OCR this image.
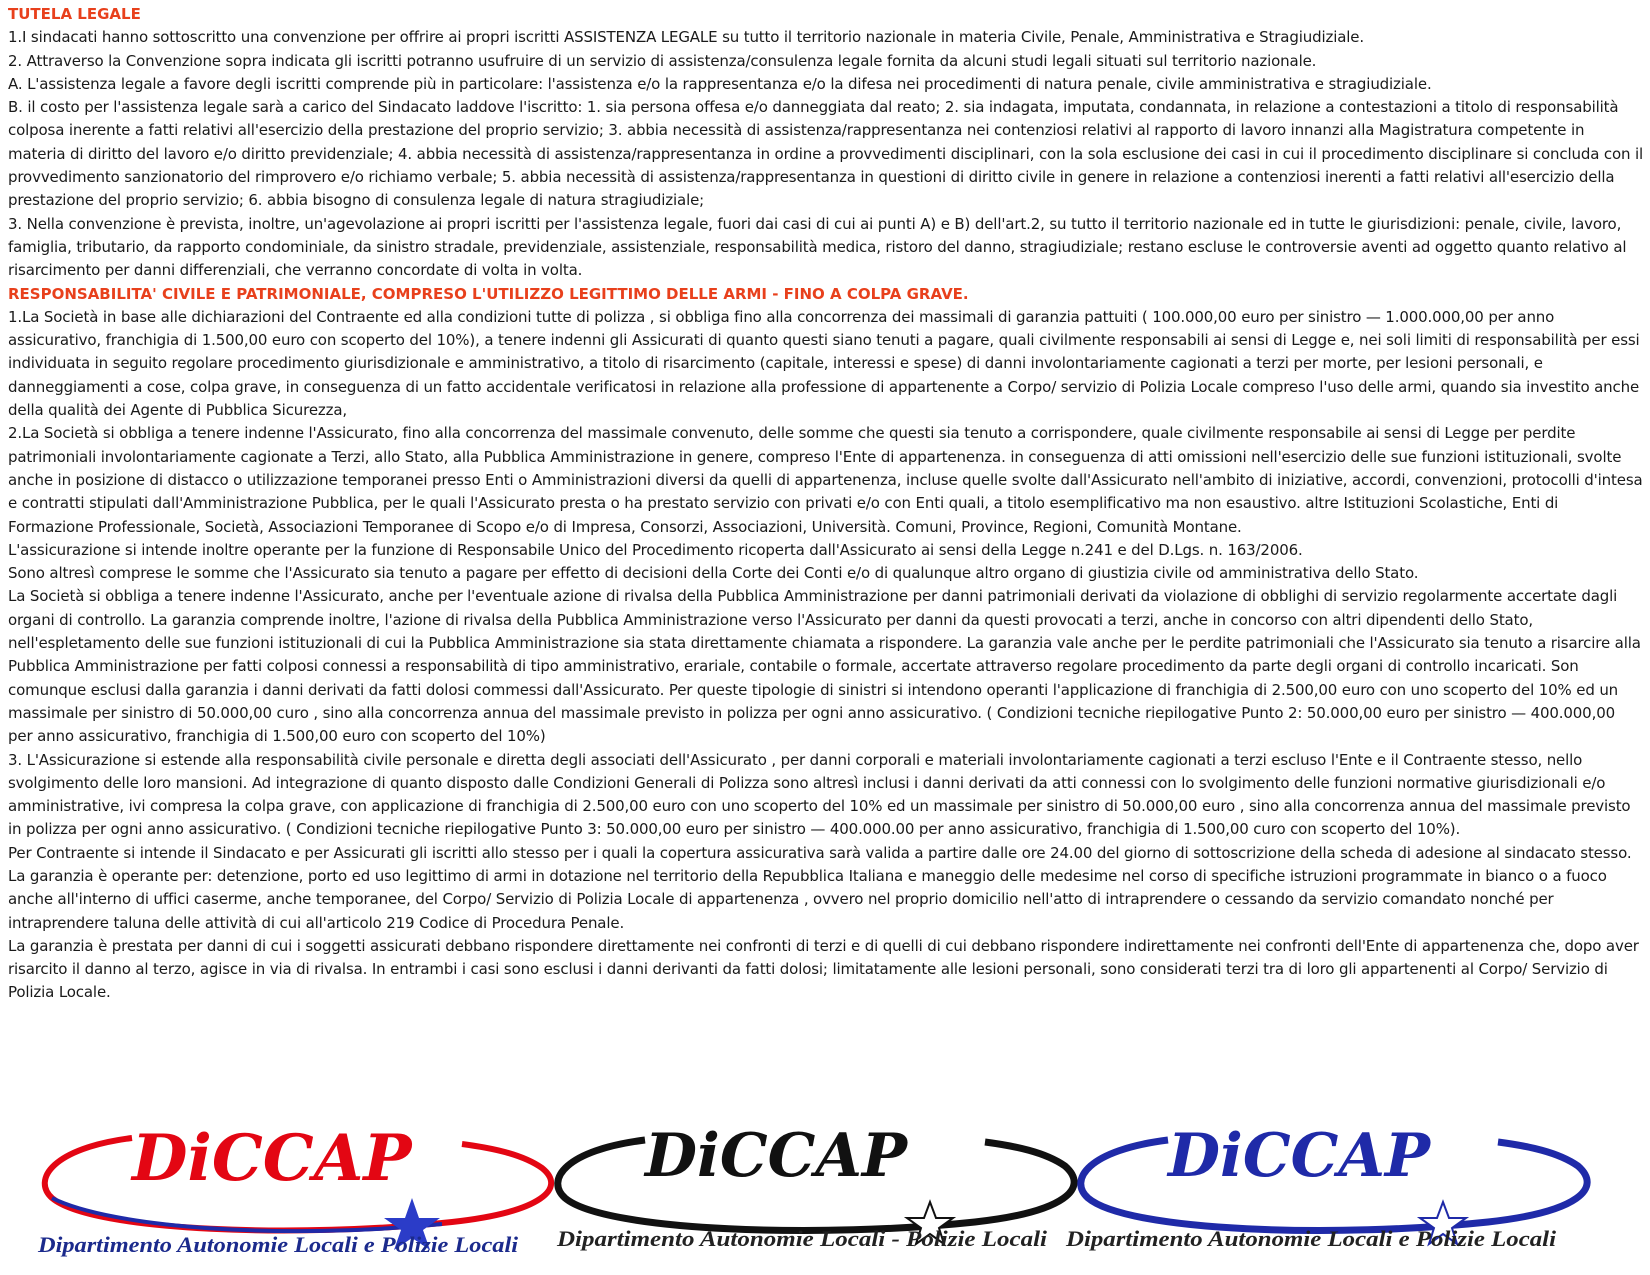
TUTELA LEGALE

1.I sindacati hanno sottoscritto una convenzione per offrire ai propri iscritti ASSISTENZA LEGALE su tutto il territorio nazionale in materia Civile, Penale, Amministrativa e Stragiudiziale.

2. Attraverso la Convenzione sopra indicata gli iscritti potranno usufruire di un servizio di assistenza/consulenza legale fornita da alcuni studi legali situati sul territorio nazionale.

A. L'assistenza legale a favore degli iscritti comprende più in particolare: l'assistenza e/o la rappresentanza e/o la difesa nei procedimenti di natura penale, civile amministrativa e stragiudiziale.

B. il costo per l'assistenza legale sarà a carico del Sindacato laddove l'iscritto: 1. sia persona offesa e/o danneggiata dal reato; 2. sia indagata, imputata, condannata, in relazione a contestazioni a titolo di responsabilità colposa inerente a fatti relativi all'esercizio della prestazione del proprio servizio; 3. abbia necessità di assistenza/rappresentanza nei contenziosi relativi al rapporto di lavoro innanzi alla Magistratura competente in materia di diritto del lavoro e/o diritto previdenziale; 4. abbia necessità di assistenza/rappresentanza in ordine a provvedimenti disciplinari, con la sola esclusione dei casi in cui il procedimento disciplinare si concluda con il provvedimento sanzionatorio del rimprovero e/o richiamo verbale; 5. abbia necessità di assistenza/rappresentanza in questioni di diritto civile in genere in relazione a contenziosi inerenti a fatti relativi all'esercizio della prestazione del proprio servizio; 6. abbia bisogno di consulenza legale di natura stragiudiziale;

3. Nella convenzione è prevista, inoltre, un'agevolazione ai propri iscritti per l'assistenza legale, fuori dai casi di cui ai punti A) e B) dell'art.2, su tutto il territorio nazionale ed in tutte le giurisdizioni: penale, civile, lavoro, famiglia, tributario, da rapporto condominiale, da sinistro stradale, previdenziale, assistenziale, responsabilità medica, ristoro del danno, stragiudiziale; restano escluse le controversie aventi ad oggetto quanto relativo al risarcimento per danni differenziali, che verranno concordate di volta in volta.

RESPONSABILITA' CIVILE E PATRIMONIALE, COMPRESO L'UTILIZZO LEGITTIMO DELLE ARMI - FINO A COLPA GRAVE.

1.La Società in base alle dichiarazioni del Contraente ed alla condizioni tutte di polizza , si obbliga fino alla concorrenza dei massimali di garanzia pattuiti ( 100.000,00 euro per sinistro — 1.000.000,00 per anno assicurativo, franchigia di 1.500,00 euro con scoperto del 10%), a tenere indenni gli Assicurati di quanto questi siano tenuti a pagare, quali civilmente responsabili ai sensi di Legge e, nei soli limiti di responsabilità per essi individuata in seguito regolare procedimento giurisdizionale e amministrativo, a titolo di risarcimento (capitale, interessi e spese) di danni involontariamente cagionati a terzi per morte, per lesioni personali, e danneggiamenti a cose, colpa grave, in conseguenza di un fatto accidentale verificatosi in relazione alla professione di appartenente a Corpo/ servizio di Polizia Locale compreso l'uso delle armi, quando sia investito anche della qualità dei Agente di Pubblica Sicurezza,

2.La Società si obbliga a tenere indenne l'Assicurato, fino alla concorrenza del massimale convenuto, delle somme che questi sia tenuto a corrispondere, quale civilmente responsabile ai sensi di Legge per perdite patrimoniali involontariamente cagionate a Terzi, allo Stato, alla Pubblica Amministrazione in genere, compreso l'Ente di appartenenza. in conseguenza di atti omissioni nell'esercizio delle sue funzioni istituzionali, svolte anche in posizione di distacco o utilizzazione temporanei presso Enti o Amministrazioni diversi da quelli di appartenenza, incluse quelle svolte dall'Assicurato nell'ambito di iniziative, accordi, convenzioni, protocolli d'intesa e contratti stipulati dall'Amministrazione Pubblica, per le quali l'Assicurato presta o ha prestato servizio con privati e/o con Enti quali, a titolo esemplificativo ma non esaustivo. altre Istituzioni Scolastiche, Enti di Formazione Professionale, Società, Associazioni Temporanee di Scopo e/o di Impresa, Consorzi, Associazioni, Università. Comuni, Province, Regioni, Comunità Montane.

L'assicurazione si intende inoltre operante per la funzione di Responsabile Unico del Procedimento ricoperta dall'Assicurato ai sensi della Legge n.241 e del D.Lgs. n. 163/2006.

Sono altresì comprese le somme che l'Assicurato sia tenuto a pagare per effetto di decisioni della Corte dei Conti e/o di qualunque altro organo di giustizia civile od amministrativa dello Stato.

La Società si obbliga a tenere indenne l'Assicurato, anche per l'eventuale azione di rivalsa della Pubblica Amministrazione per danni patrimoniali derivati da violazione di obblighi di servizio regolarmente accertate dagli organi di controllo. La garanzia comprende inoltre, l'azione di rivalsa della Pubblica Amministrazione verso l'Assicurato per danni da questi provocati a terzi, anche in concorso con altri dipendenti dello Stato, nell'espletamento delle sue funzioni istituzionali di cui la Pubblica Amministrazione sia stata direttamente chiamata a rispondere. La garanzia vale anche per le perdite patrimoniali che l'Assicurato sia tenuto a risarcire alla Pubblica Amministrazione per fatti colposi connessi a responsabilità di tipo amministrativo, erariale, contabile o formale, accertate attraverso regolare procedimento da parte degli organi di controllo incaricati. Son comunque esclusi dalla garanzia i danni derivati da fatti dolosi commessi dall'Assicurato. Per queste tipologie di sinistri si intendono operanti l'applicazione di franchigia di 2.500,00 euro con uno scoperto del 10% ed un massimale per sinistro di 50.000,00 curo , sino alla concorrenza annua del massimale previsto in polizza per ogni anno assicurativo. ( Condizioni tecniche riepilogative Punto 2: 50.000,00 euro per sinistro — 400.000,00 per anno assicurativo, franchigia di 1.500,00 euro con scoperto del 10%)

3. L'Assicurazione si estende alla responsabilità civile personale e diretta degli associati dell'Assicurato , per danni corporali e materiali involontariamente cagionati a terzi escluso l'Ente e il Contraente stesso, nello svolgimento delle loro mansioni. Ad integrazione di quanto disposto dalle Condizioni Generali di Polizza sono altresì inclusi i danni derivati da atti connessi con lo svolgimento delle funzioni normative giurisdizionali e/o amministrative, ivi compresa la colpa grave, con applicazione di franchigia di 2.500,00 euro con uno scoperto del 10% ed un massimale per sinistro di 50.000,00 euro , sino alla concorrenza annua del massimale previsto in polizza per ogni anno assicurativo. ( Condizioni tecniche riepilogative Punto 3: 50.000,00 euro per sinistro — 400.000.00 per anno assicurativo, franchigia di 1.500,00 curo con scoperto del 10%).

Per Contraente si intende il Sindacato e per Assicurati gli iscritti allo stesso per i quali la copertura assicurativa sarà valida a partire dalle ore 24.00 del giorno di sottoscrizione della scheda di adesione al sindacato stesso.

La garanzia è operante per: detenzione, porto ed uso legittimo di armi in dotazione nel territorio della Repubblica Italiana e maneggio delle medesime nel corso di specifiche istruzioni programmate in bianco o a fuoco anche all'interno di uffici caserme, anche temporanee, del Corpo/ Servizio di Polizia Locale di appartenenza , ovvero nel proprio domicilio nell'atto di intraprendere o cessando da servizio comandato nonché per intraprendere taluna delle attività di cui all'articolo 219 Codice di Procedura Penale.

La garanzia è prestata per danni di cui i soggetti assicurati debbano rispondere direttamente nei confronti di terzi e di quelli di cui debbano rispondere indirettamente nei confronti dell'Ente di appartenenza che, dopo aver risarcito il danno al terzo, agisce in via di rivalsa. In entrambi i casi sono esclusi i danni derivanti da fatti dolosi; limitatamente alle lesioni personali, sono considerati terzi tra di loro gli appartenenti al Corpo/ Servizio di Polizia Locale.

DiCCAP
Dipartimento Autonomie Locali e Polizie Locali
DiCCAP
Dipartimento Autonomie Locali - Polizie Locali
DiCCAP
Dipartimento Autonomie Locali e Polizie Locali
